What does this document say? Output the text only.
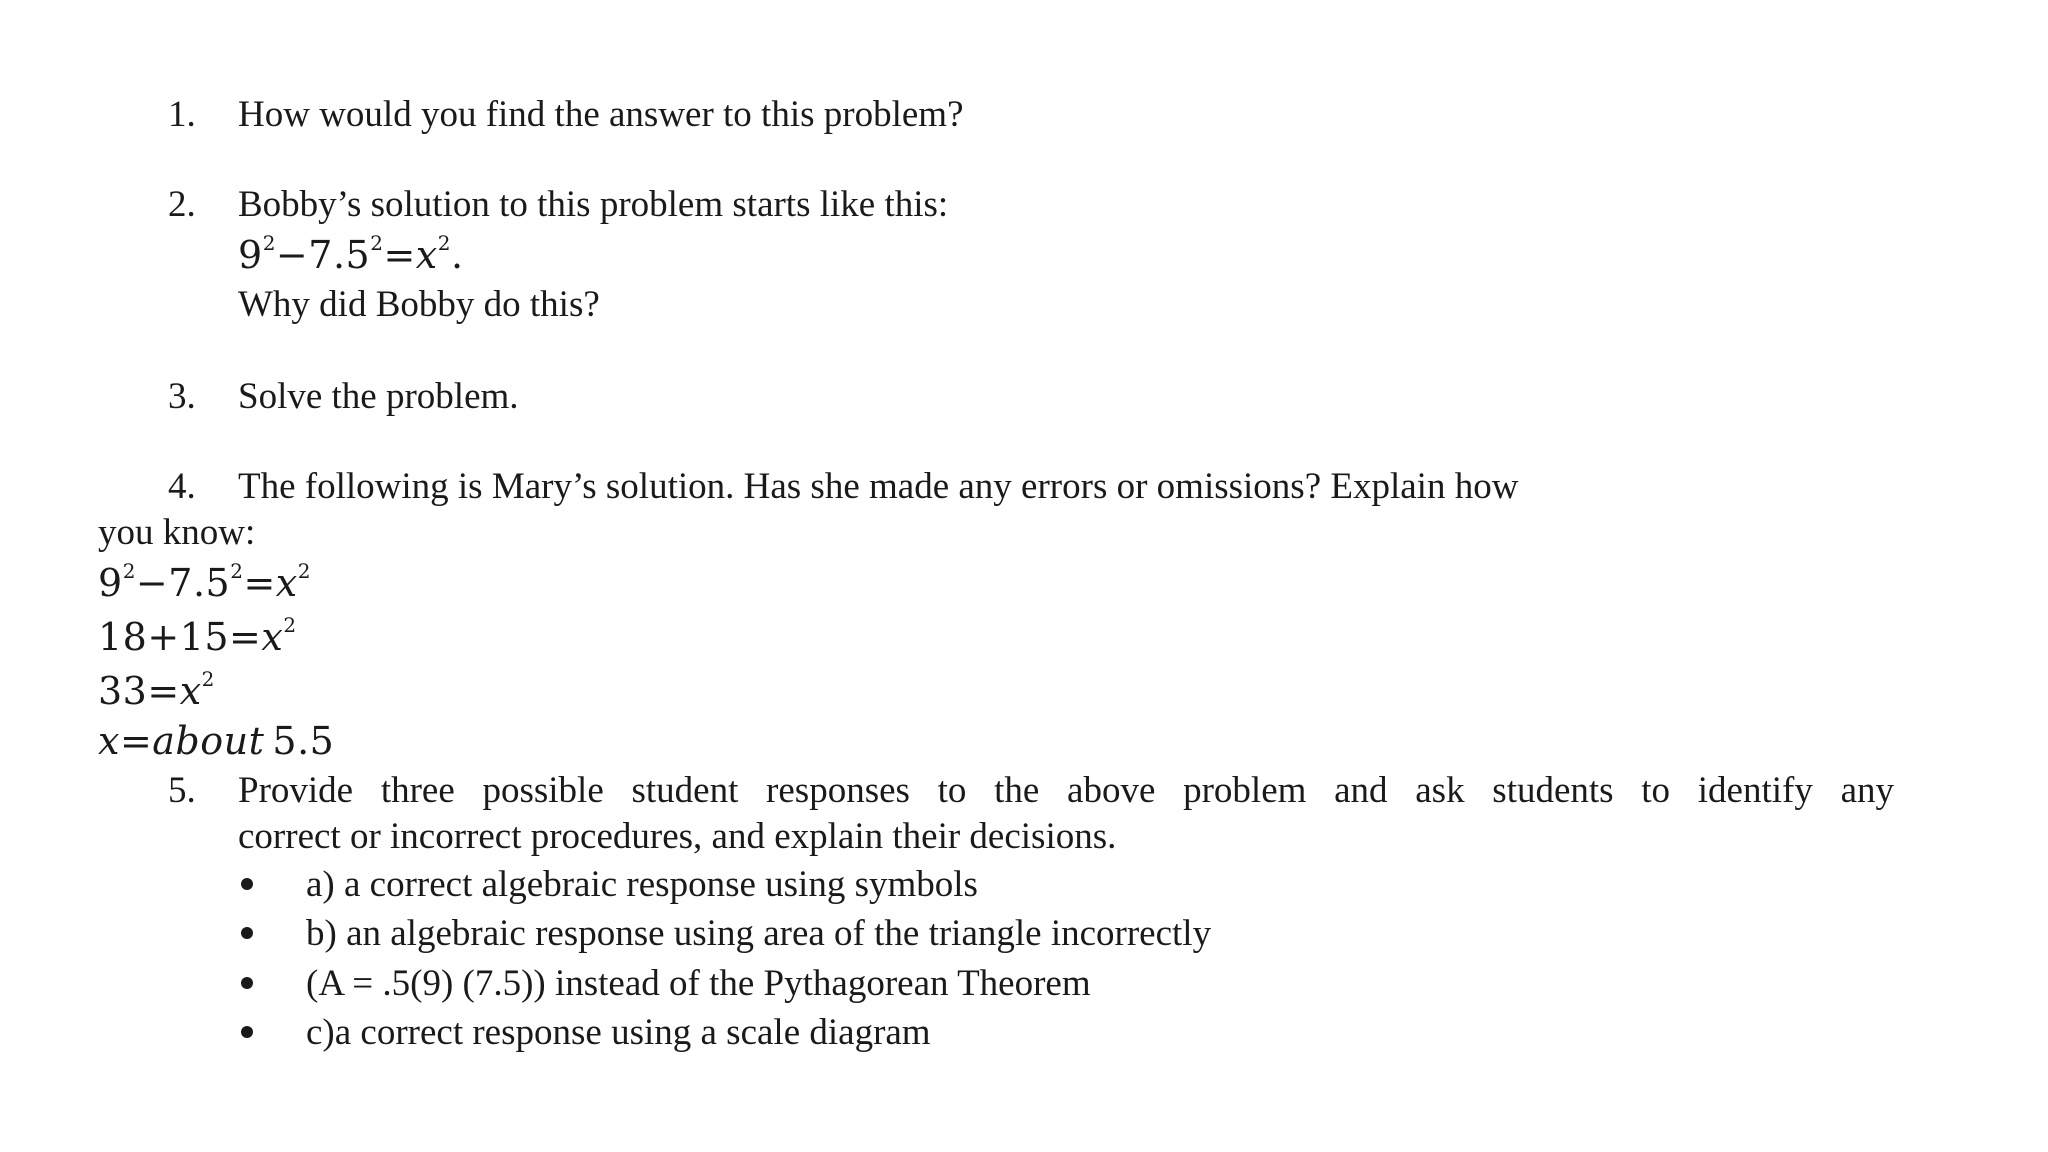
1. How would you find the answer to this problem?
2. Bobby’s solution to this problem starts like this:
$9^2-7.5^2=x^2$.
Why did Bobby do this?
3. Solve the problem.
4. The following is Mary’s solution. Has she made any errors or omissions? Explain how
you know:
$9^2-7.5^2=x^2$
$18+15=x^2$
$33=x^2$
x=about 5.5
5. Provide three possible student responses to the above problem and ask students to identify any
correct or incorrect procedures, and explain their decisions.
a) a correct algebraic response using symbols
b) an algebraic response using area of the triangle incorrectly
(A = .5(9) (7.5)) instead of the Pythagorean Theorem
c)a correct response using a scale diagram
